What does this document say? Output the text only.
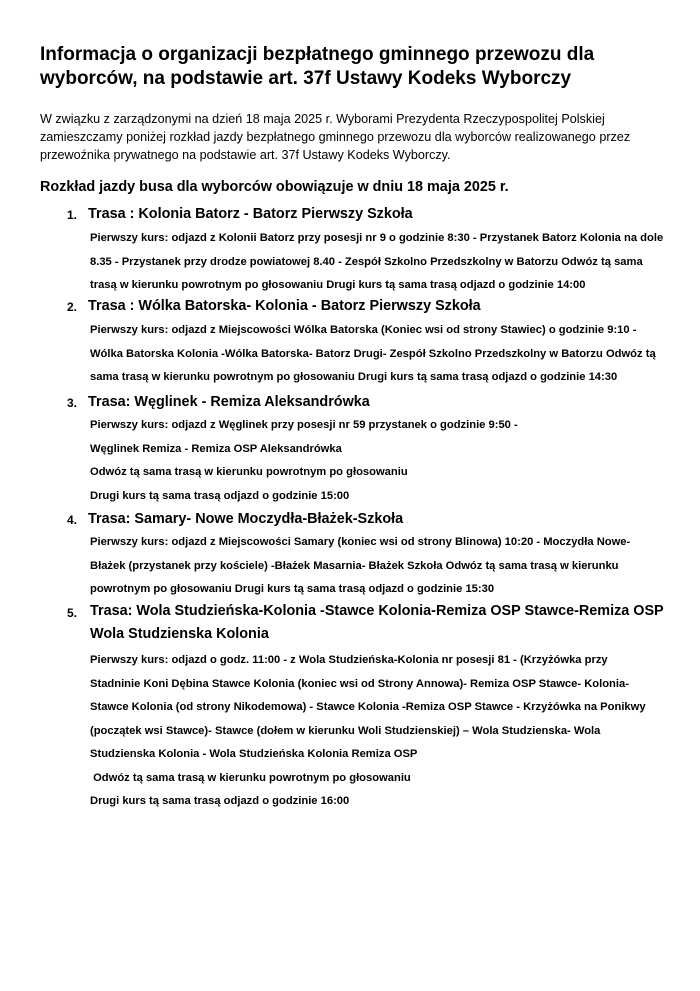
Informacja o organizacji bezpłatnego gminnego przewozu dla
wyborców, na podstawie art. 37f Ustawy Kodeks Wyborczy
W związku z zarządzonymi na dzień 18 maja 2025 r. Wyborami Prezydenta Rzeczypospolitej Polskiej
zamieszczamy poniżej rozkład jazdy bezpłatnego gminnego przewozu dla wyborców realizowanego przez
przewoźnika prywatnego na podstawie art. 37f Ustawy Kodeks Wyborczy.
Rozkład jazdy busa dla wyborców obowiązuje w dniu 18 maja 2025 r.
1. Trasa : Kolonia Batorz - Batorz Pierwszy Szkoła
Pierwszy kurs: odjazd z Kolonii Batorz przy posesji nr 9 o godzinie 8:30 - Przystanek Batorz Kolonia na dole
8.35 - Przystanek przy drodze powiatowej 8.40 - Zespół Szkolno Przedszkolny w Batorzu Odwóz tą sama
trasą w kierunku powrotnym po głosowaniu Drugi kurs tą sama trasą odjazd o godzinie 14:00
2. Trasa : Wólka Batorska- Kolonia - Batorz Pierwszy Szkoła
Pierwszy kurs: odjazd z Miejscowości Wólka Batorska (Koniec wsi od strony Stawiec) o godzinie 9:10 -
Wólka Batorska Kolonia -Wólka Batorska- Batorz Drugi- Zespół Szkolno Przedszkolny w Batorzu Odwóz tą
sama trasą w kierunku powrotnym po głosowaniu Drugi kurs tą sama trasą odjazd o godzinie 14:30
3. Trasa: Węglinek - Remiza Aleksandrówka
Pierwszy kurs: odjazd z Węglinek przy posesji nr 59 przystanek o godzinie 9:50 -
Węglinek Remiza - Remiza OSP Aleksandrówka
Odwóz tą sama trasą w kierunku powrotnym po głosowaniu
Drugi kurs tą sama trasą odjazd o godzinie 15:00
4. Trasa: Samary- Nowe Moczydła-Błażek-Szkoła
Pierwszy kurs: odjazd z Miejscowości Samary (koniec wsi od strony Blinowa) 10:20 - Moczydła Nowe-
Błażek (przystanek przy kościele) -Błażek Masarnia- Błażek Szkoła Odwóz tą sama trasą w kierunku
powrotnym po głosowaniu Drugi kurs tą sama trasą odjazd o godzinie 15:30
5. Trasa: Wola Studzieńska-Kolonia -Stawce Kolonia-Remiza OSP Stawce-Remiza OSP
Wola Studzienska Kolonia
Pierwszy kurs: odjazd o godz. 11:00 - z Wola Studzieńska-Kolonia nr posesji 81 - (Krzyżówka przy
Stadninie Koni Dębina Stawce Kolonia (koniec wsi od Strony Annowa)- Remiza OSP Stawce- Kolonia-
Stawce Kolonia (od strony Nikodemowa) - Stawce Kolonia -Remiza OSP Stawce - Krzyżówka na Ponikwy
(początek wsi Stawce)- Stawce (dołem w kierunku Woli Studzienskiej) – Wola Studzienska- Wola
Studzienska Kolonia - Wola Studzieńska Kolonia Remiza OSP
Odwóz tą sama trasą w kierunku powrotnym po głosowaniu
Drugi kurs tą sama trasą odjazd o godzinie 16:00
